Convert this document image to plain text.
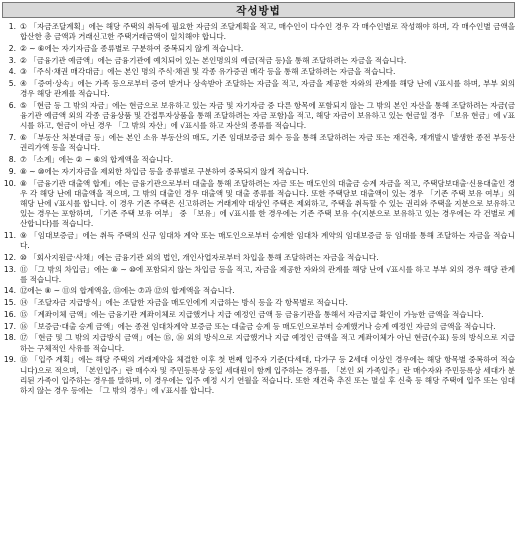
작성방법
1. ① 「자금조달계획」에는 해당 주택의 취득에 필요한 자금의 조달계획을 적고, 매수인이 다수인 경우 각 매수인별로 작성해야 하며, 각 매수인별 금액을 합산한 총 금액과 거래신고한 주택거래금액이 일치해야 합니다.
2. ② ~ ⑥에는 자기자금을 종류별로 구분하여 중복되지 않게 적습니다.
3. ② 「금융기관 예금액」에는 금융기관에 예치되어 있는 본인명의의 예금(적금 등)을 통해 조달하려는 자금을 적습니다.
4. ③ 「주식·채권 매각대금」에는 본인 명의 주식·채권 및 각종 유가증권 매각 등을 통해 조달하려는 자금을 적습니다.
5. ④ 「증여·상속」에는 가족 등으로부터 증여 받거나 상속받아 조달하는 자금을 적고, 자금을 제공한 자와의 관계를 해당 난에 √표시를 하며, 부부 외의 경우 해당 관계를 적습니다.
6. ⑤ 「현금 등 그 밖의 자금」에는 현금으로 보유하고 있는 자금 및 자기자금 중 다른 항목에 포함되지 않는 그 밖의 본인 자산을 통해 조달하려는 자금(금융기관 예금액 외의 각종 금융상품 및 간접투자상품을 통해 조달하려는 자금 포함)을 적고, 해당 자금이 보유하고 있는 현금일 경우 「보유 현금」에 √표시를 하고, 현금이 아닌 경우 「그 밖의 자산」에 √표시를 하고 자산의 종류를 적습니다.
7. ⑥ 「부동산 처분대금 등」에는 본인 소유 부동산의 매도, 기존 임대보증금 회수 등을 통해 조달하려는 자금 또는 재건축, 재개발시 발생한 종전 부동산 권리가액 등을 적습니다.
8. ⑦ 「소계」에는 ② ~ ⑥의 합계액을 적습니다.
9. ⑧ ~ ⑩에는 자기자금을 제외한 차입금 등을 종류별로 구분하여 중복되지 않게 적습니다.
10. ⑧ 「금융기관 대출액 합계」에는 금융기관으로부터 대출을 통해 조달하려는 자금 또는 매도인의 대출금 승계 자금을 적고, 주택담보대출·신용대출인 경우 각 해당 난에 대출액을 적으며, 그 밖의 대출인 경우 대출액 및 대출 종류를 적습니다. 또한 주택담보 대출액이 있는 경우 「기존 주택 보유 여부」의 해당 난에 √표시를 합니다. 이 경우 기존 주택은 신고하려는 거래계약 대상인 주택은 제외하고, 주택을 취득할 수 있는 권리와 주택을 지분으로 보유하고 있는 경우는 포함하며, 「기존 주택 보유 여부」 중 「보유」에 √표시를 한 경우에는 기존 주택 보유 수(지분으로 보유하고 있는 경우에는 각 건별로 계산합니다)를 적습니다.
11. ⑨ 「임대보증금」에는 취득 주택의 신규 임대차 계약 또는 매도인으로부터 승계한 임대차 계약의 임대보증금 등 임대를 통해 조달하는 자금을 적습니다.
12. ⑩ 「회사지원금·사채」에는 금융기관 외의 법인, 개인사업자로부터 차입을 통해 조달하려는 자금을 적습니다.
13. ⑪ 「그 밖의 차입금」에는 ⑧ ~ ⑩에 포함되지 않는 차입금 등을 적고, 자금을 제공한 자와의 관계를 해당 난에 √표시를 하고 부부 외의 경우 해당 관계를 적습니다.
14. ⑫에는 ⑧ ~ ⑪의 합계액을, ⑬에는 ⑦과 ⑫의 합계액을 적습니다.
15. ⑭ 「조달자금 지급방식」에는 조달한 자금을 매도인에게 지급하는 방식 등을 각 항목별로 적습니다.
16. ⑮ 「계좌이체 금액」에는 금융기관 계좌이체로 지급했거나 지급 예정인 금액 등 금융기관을 통해서 자금지급 확인이 가능한 금액을 적습니다.
17. ⑯ 「보증금·대출 승계 금액」에는 종전 임대차계약 보증금 또는 대출금 승계 등 매도인으로부터 승계했거나 승계 예정인 자금의 금액을 적습니다.
18. ⑰ 「현금 및 그 밖의 지급방식 금액」에는 ⑮, ⑯ 외의 방식으로 지급했거나 지급 예정인 금액을 적고 계좌이체가 아닌 현금(수표) 등의 방식으로 지급하는 구체적인 사유를 적습니다.
19. ⑱ 「입주 계획」에는 해당 주택의 거래계약을 체결한 이후 첫 번째 입주자 기준(다세대, 다가구 등 2세대 이상인 경우에는 해당 항목별 중복하여 적습니다)으로 적으며, 「본인입주」란 매수자 및 주민등록상 동일 세대원이 함께 입주하는 경우를, 「본인 외 가족입주」란 매수자와 주민등록상 세대가 분리된 가족이 입주하는 경우를 말하며, 이 경우에는 입주 예정 시기 연월을 적습니다. 또한 재건축 추진 또는 멸실 후 신축 등 해당 주택에 입주 또는 임대하지 않는 경우 등에는 「그 밖의 경우」에 √표시를 합니다.
